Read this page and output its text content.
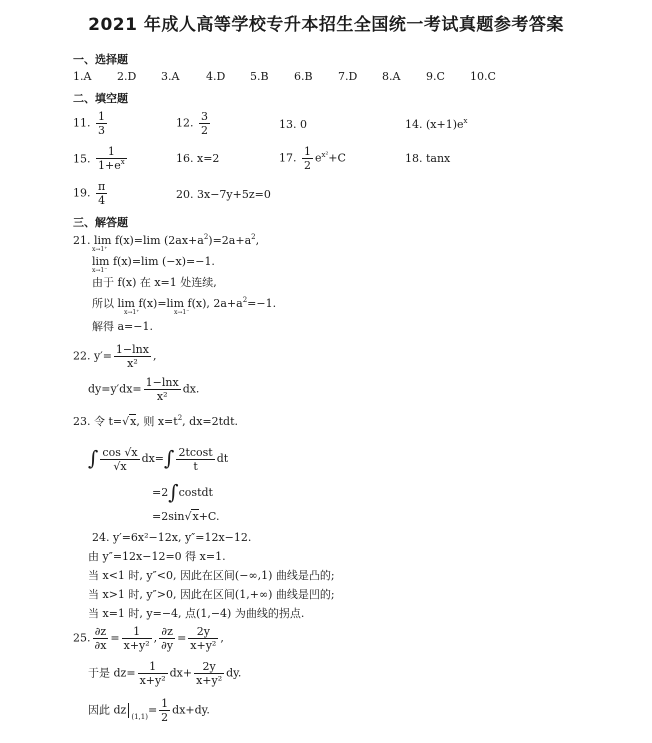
2021 年成人高等学校专升本招生全国统一考试真题参考答案
一、选择题
1.A 2.D 3.A 4.D 5.B 6.B 7.D 8.A 9.C 10.C
二、填空题
11. $\frac{1}{3}$	12. $\frac{3}{2}$	13. 0	14. $(x+1)e^x$
15. $\frac{1}{1+e^x}$	16. x=2	17. $\frac{1}{2} e^{x^2}+C$	18. tanx
19. $\frac{\pi}{4}$	20. 3x−7y+5z=0
三、解答题
21. lim f(x)=lim $(2ax+a^2)=2a+a^2$,
x→1⁺
lim f(x)=lim (−x)=−1.
x→1⁻
由于 f(x) 在 x=1 处连续,
所以 lim f(x)=lim f(x), $2a+a^2=-1$.
x→1⁺	x→1⁻
解得 a=−1.
22. $y'= \frac{1-\ln x}{\text{x²}}$ ,
$dy=y'dx= \frac{1-\ln x}{\text{x²}}$ dx.
23. 令 t=√x, 则 $x=t^2$, dx=2tdt.
∫ $\frac{\cos √x}{√x} dx=\int \frac{2tcost}{t}$ dt
=2∫costdt
=2sin√x+C.
24. y′=6x²−12x, y″=12x−12.
由 y″=12x−12=0 得 x=1.
当 x<1 时, y″<0, 因此在区间(−∞,1) 曲线是凸的;
当 x>1 时, y″>0, 因此在区间(1,+∞) 曲线是凹的;
当 x=1 时, y=−4, 点(1,−4) 为曲线的拐点.
25. $\frac{\partial z}{\partial x} = \frac{1}{\text{x+y²}}$ , $\frac{\partial z}{\partial y} = \frac{2y}{\text{x+y²}}$ ,
于是 $dz= \frac{1}{\text{x+y²}} dx+ \frac{2y}{\text{x+y²}}$ dy.
因此 dz $_{(1,1)}= \frac{1}{2} dx+dy$.
